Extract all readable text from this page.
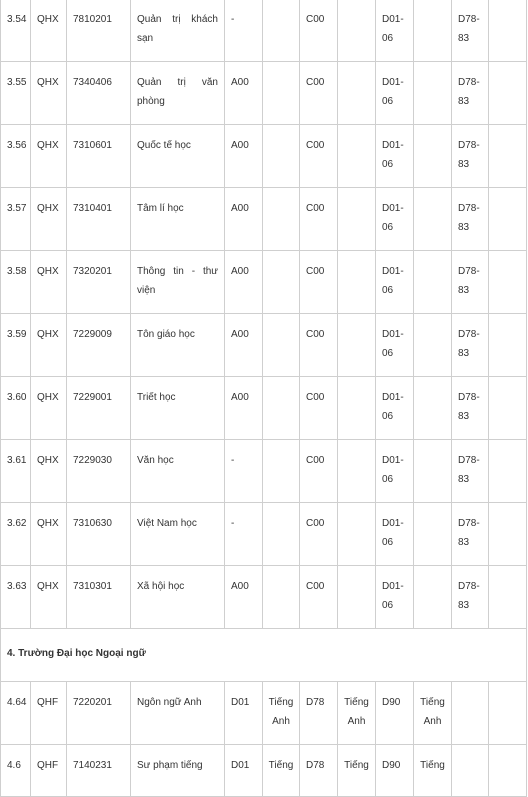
3.54	QHX	7810201	Quản trị khách sạn	-		C00		D01-06		D78-83	
3.55	QHX	7340406	Quản trị văn phòng	A00		C00		D01-06		D78-83	
3.56	QHX	7310601	Quốc tế học	A00		C00		D01-06		D78-83	
3.57	QHX	7310401	Tâm lí học	A00		C00		D01-06		D78-83	
3.58	QHX	7320201	Thông tin - thư viện	A00		C00		D01-06		D78-83	
3.59	QHX	7229009	Tôn giáo học	A00		C00		D01-06		D78-83	
3.60	QHX	7229001	Triết học	A00		C00		D01-06		D78-83	
3.61	QHX	7229030	Văn học	-		C00		D01-06		D78-83	
3.62	QHX	7310630	Việt Nam học	-		C00		D01-06		D78-83	
3.63	QHX	7310301	Xã hội học	A00		C00		D01-06		D78-83	
4. Trường Đại học Ngoại ngữ											
4.64	QHF	7220201	Ngôn ngữ Anh	D01	Tiếng Anh	D78	Tiếng Anh	D90	Tiếng Anh		
4.6	QHF	7140231	Sư phạm tiếng	D01	Tiếng	D78	Tiếng	D90	Tiếng		
